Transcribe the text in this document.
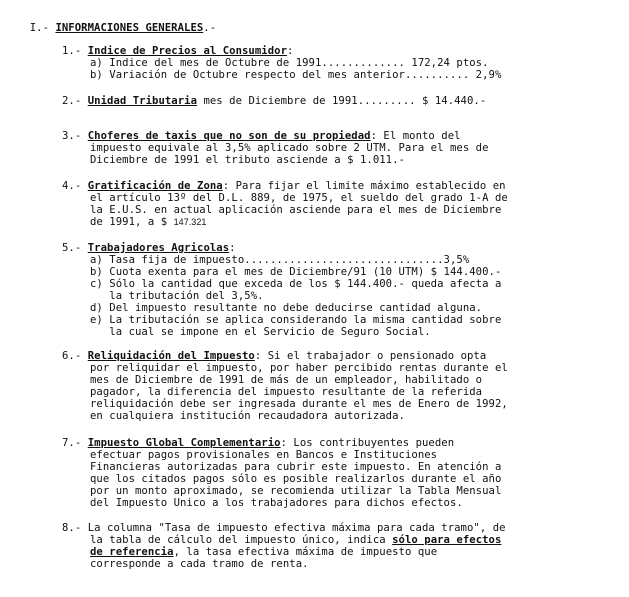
I.- INFORMACIONES GENERALES.-

1.- Indice de Precios al Consumidor:
a) Indice del mes de Octubre de 1991............. 172,24 ptos.
b) Variación de Octubre respecto del mes anterior.......... 2,9%
2.- Unidad Tributaria mes de Diciembre de 1991......... $ 14.440.-
3.- Choferes de taxis que no son de su propiedad: El monto del
impuesto equivale al 3,5% aplicado sobre 2 UTM. Para el mes de
Diciembre de 1991 el tributo asciende a $ 1.011.-
4.- Gratificación de Zona: Para fijar el limite máximo establecido en
el artículo 13º del D.L. 889, de 1975, el sueldo del grado 1-A de
la E.U.S. en actual aplicación asciende para el mes de Diciembre
de 1991, a $ 147.321
5.- Trabajadores Agricolas:
a) Tasa fija de impuesto...............................3,5%
b) Cuota exenta para el mes de Diciembre/91 (10 UTM) $ 144.400.-
c) Sólo la cantidad que exceda de los $ 144.400.- queda afecta a
la tributación del 3,5%.
d) Del impuesto resultante no debe deducirse cantidad alguna.
e) La tributación se aplica considerando la misma cantidad sobre
la cual se impone en el Servicio de Seguro Social.
6.- Reliquidación del Impuesto: Si el trabajador o pensionado opta
por reliquidar el impuesto, por haber percibido rentas durante el
mes de Diciembre de 1991 de más de un empleador, habilitado o
pagador, la diferencia del impuesto resultante de la referida
reliquidación debe ser ingresada durante el mes de Enero de 1992,
en cualquiera institución recaudadora autorizada.
7.- Impuesto Global Complementario: Los contribuyentes pueden
efectuar pagos provisionales en Bancos e Instituciones
Financieras autorizadas para cubrir este impuesto. En atención a
que los citados pagos sólo es posible realizarlos durante el año
por un monto aproximado, se recomienda utilizar la Tabla Mensual
del Impuesto Unico a los trabajadores para dichos efectos.
8.- La columna "Tasa de impuesto efectiva máxima para cada tramo", de
la tabla de cálculo del impuesto único, indica sólo para efectos
de referencia, la tasa efectiva máxima de impuesto que
corresponde a cada tramo de renta.
